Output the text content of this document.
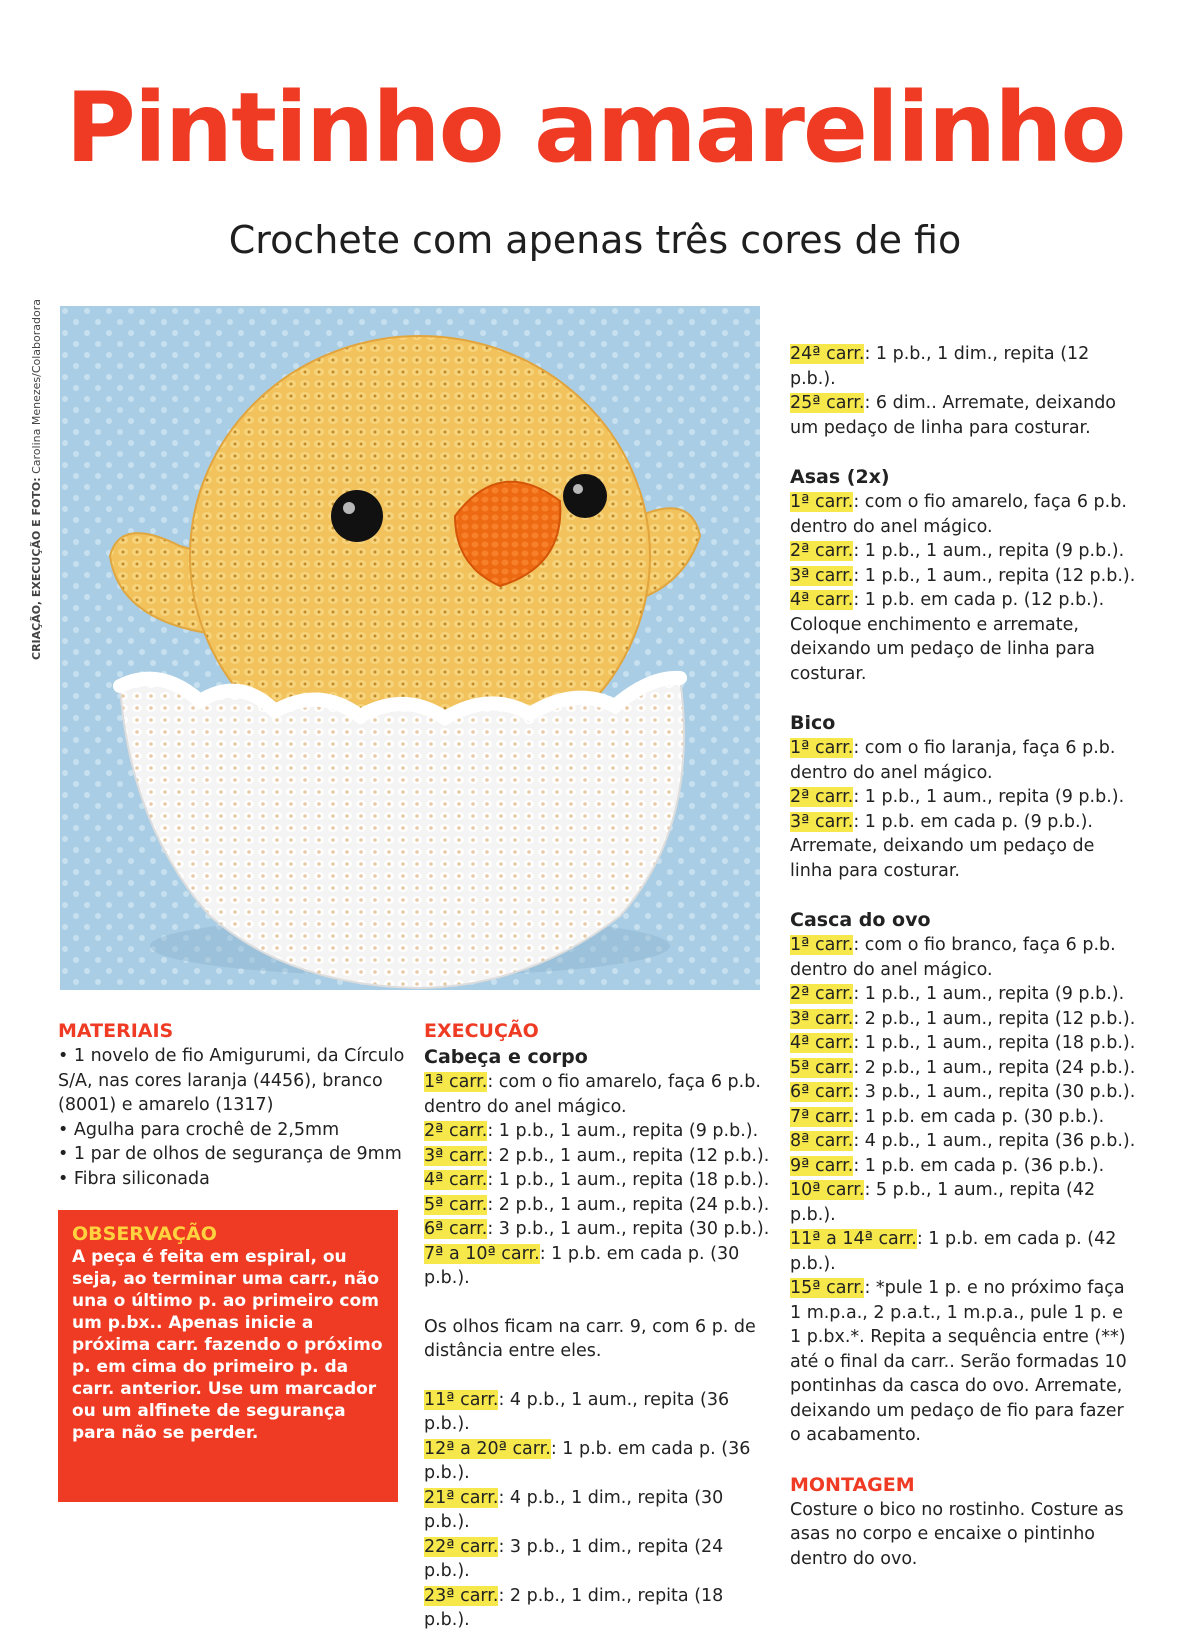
Pintinho amarelinho
Crochete com apenas três cores de fio
CRIAÇÃO, EXECUÇÃO E FOTO: Carolina Menezes/Colaboradora

MATERIAIS

• 1 novelo de fio Amigurumi, da Círculo S/A, nas cores laranja (4456), branco (8001) e amarelo (1317)
• Agulha para crochê de 2,5mm
• 1 par de olhos de segurança de 9mm
• Fibra siliconada
OBSERVAÇÃO
A peça é feita em espiral, ou seja, ao terminar uma carr., não una o último p. ao primeiro com um p.bx.. Apenas inicie a próxima carr. fazendo o próximo p. em cima do primeiro p. da carr. anterior. Use um marcador ou um alfinete de segurança para não se perder.

EXECUÇÃO

Cabeça e corpo

1ª carr.: com o fio amarelo, faça 6 p.b. dentro do anel mágico.

2ª carr.: 1 p.b., 1 aum., repita (9 p.b.).

3ª carr.: 2 p.b., 1 aum., repita (12 p.b.).

4ª carr.: 1 p.b., 1 aum., repita (18 p.b.).

5ª carr.: 2 p.b., 1 aum., repita (24 p.b.).

6ª carr.: 3 p.b., 1 aum., repita (30 p.b.).

7ª a 10ª carr.: 1 p.b. em cada p. (30 p.b.).

Os olhos ficam na carr. 9, com 6 p. de distância entre eles.

11ª carr.: 4 p.b., 1 aum., repita (36 p.b.).

12ª a 20ª carr.: 1 p.b. em cada p. (36 p.b.).

21ª carr.: 4 p.b., 1 dim., repita (30 p.b.).

22ª carr.: 3 p.b., 1 dim., repita (24 p.b.).

23ª carr.: 2 p.b., 1 dim., repita (18 p.b.).

24ª carr.: 1 p.b., 1 dim., repita (12 p.b.).

25ª carr.: 6 dim.. Arremate, deixando um pedaço de linha para costurar.

Asas (2x)

1ª carr.: com o fio amarelo, faça 6 p.b. dentro do anel mágico.

2ª carr.: 1 p.b., 1 aum., repita (9 p.b.).

3ª carr.: 1 p.b., 1 aum., repita (12 p.b.).

4ª carr.: 1 p.b. em cada p. (12 p.b.). Coloque enchimento e arremate, deixando um pedaço de linha para costurar.

Bico

1ª carr.: com o fio laranja, faça 6 p.b. dentro do anel mágico.

2ª carr.: 1 p.b., 1 aum., repita (9 p.b.).

3ª carr.: 1 p.b. em cada p. (9 p.b.). Arremate, deixando um pedaço de linha para costurar.

Casca do ovo

1ª carr.: com o fio branco, faça 6 p.b. dentro do anel mágico.

2ª carr.: 1 p.b., 1 aum., repita (9 p.b.).

3ª carr.: 2 p.b., 1 aum., repita (12 p.b.).

4ª carr.: 1 p.b., 1 aum., repita (18 p.b.).

5ª carr.: 2 p.b., 1 aum., repita (24 p.b.).

6ª carr.: 3 p.b., 1 aum., repita (30 p.b.).

7ª carr.: 1 p.b. em cada p. (30 p.b.).

8ª carr.: 4 p.b., 1 aum., repita (36 p.b.).

9ª carr.: 1 p.b. em cada p. (36 p.b.).

10ª carr.: 5 p.b., 1 aum., repita (42 p.b.).

11ª a 14ª carr.: 1 p.b. em cada p. (42 p.b.).

15ª carr.: *pule 1 p. e no próximo faça 1 m.p.a., 2 p.a.t., 1 m.p.a., pule 1 p. e 1 p.bx.*. Repita a sequência entre (**) até o final da carr.. Serão formadas 10 pontinhas da casca do ovo. Arremate, deixando um pedaço de fio para fazer o acabamento.

MONTAGEM

Costure o bico no rostinho. Costure as asas no corpo e encaixe o pintinho dentro do ovo.
